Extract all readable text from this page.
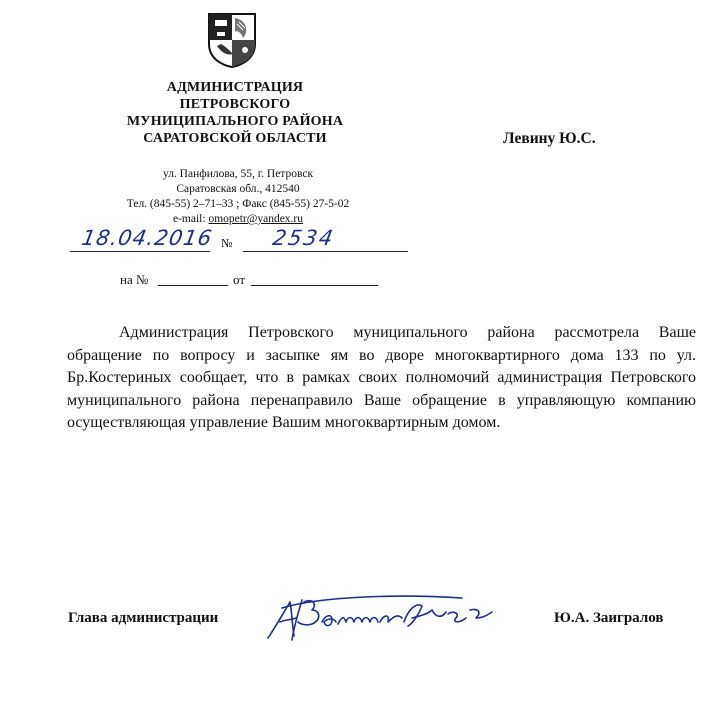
АДМИНИСТРАЦИЯ
ПЕТРОВСКОГО
МУНИЦИПАЛЬНОГО РАЙОНА
САРАТОВСКОЙ ОБЛАСТИ	Левину Ю.С.
ул. Панфилова, 55, г. Петровск
Саратовская обл., 412540
Тел. (845-55) 2–71–33 ; Факс (845-55) 27-5-02
e-mail: omopetr@yandex.ru
18.04.2016 № 2534
на №	от
Администрация Петровского муниципального района рассмотрела Ваше обращение по вопросу и засыпке ям во дворе многоквартирного дома 133 по ул. Бр.Костериных сообщает, что в рамках своих полномочий администрация Петровского муниципального района перенаправило Ваше обращение в управляющую компанию осуществляющая управление Вашим многоквартирным домом.
Глава администрации	Ю.А. Заигралов
